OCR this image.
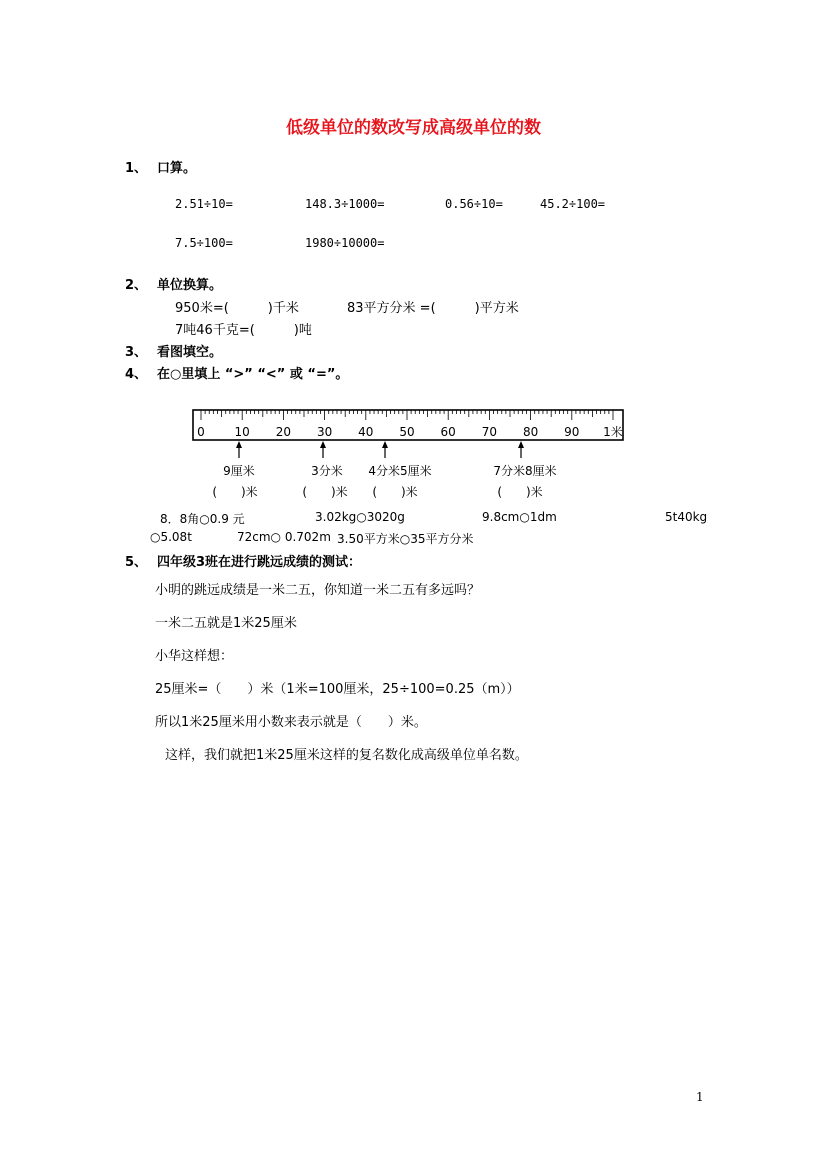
低级单位的数改写成高级单位的数
1、 口算。
2.51÷10=	148.3÷1000=	0.56÷10=	45.2÷100=
7.5÷100=	1980÷10000=
2、 单位换算。
950米=(　　　)千米	83平方分米 =(　　　)平方米
7吨46千克=(　　　)吨
3、 看图填空。
4、 在○里填上 “>” “<” 或 “=”。
0 10 20 30 40 50 60 70 80 90 1米
9厘米	3分米 4分米5厘米	7分米8厘米
(　　)米	(　　)米 (　　)米	(　　)米
8．8角○0.9 元	3.02kg○3020g	9.8cm○1dm	5t40kg
○5.08t	72cm○ 0.702m 3.50平方米○35平方分米
5、 四年级3班在进行跳远成绩的测试：
小明的跳远成绩是一米二五，你知道一米二五有多远吗？
一米二五就是1米25厘米
小华这样想：
25厘米=（　　）米（1米=100厘米，25÷100=0.25（m））
所以1米25厘米用小数来表示就是（　　）米。
这样，我们就把1米25厘米这样的复名数化成高级单位单名数。
1
